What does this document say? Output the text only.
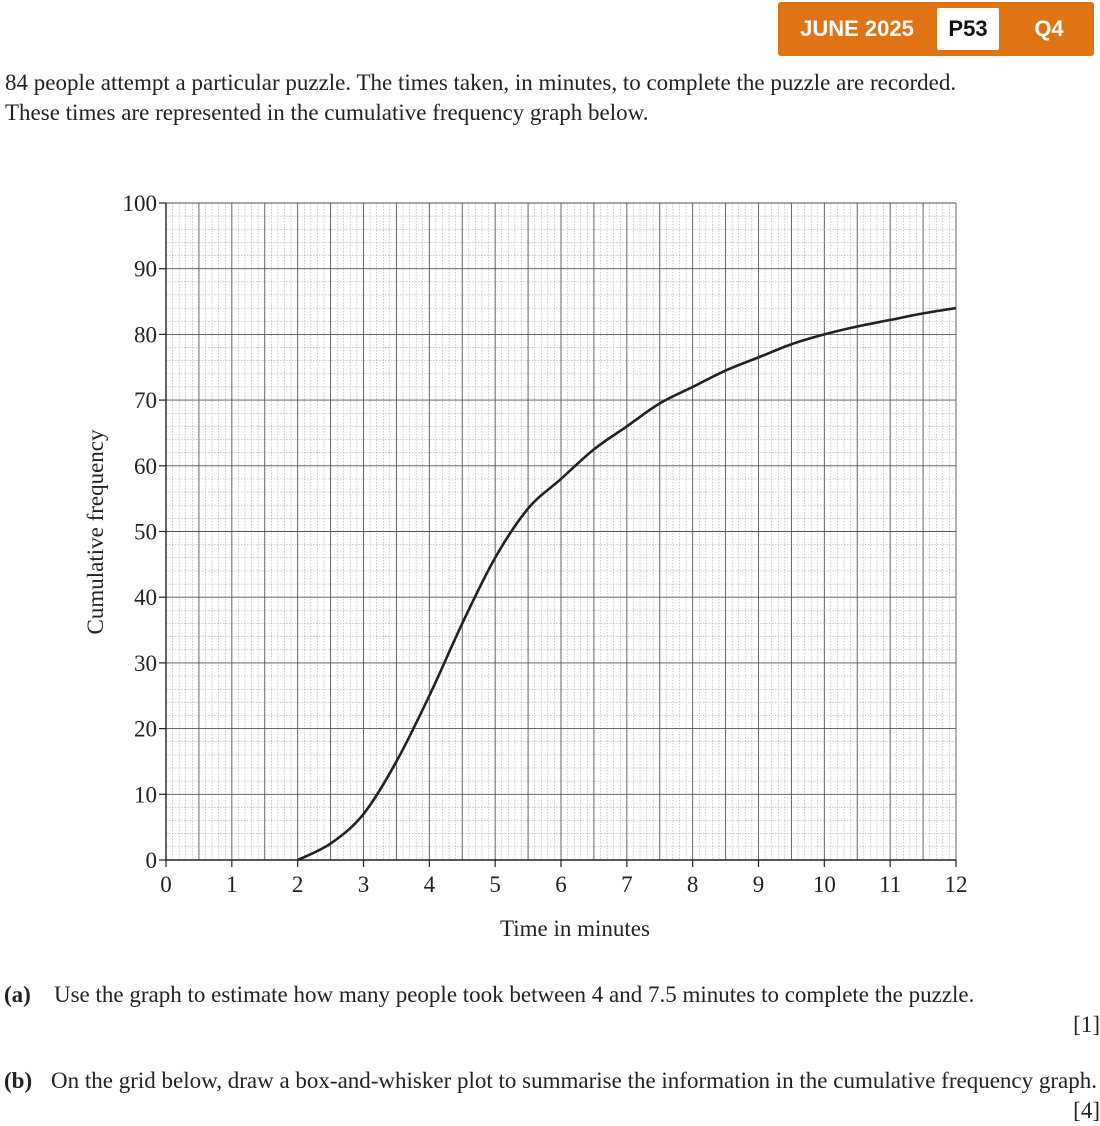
JUNE 2025	P53	Q4

84 people attempt a particular puzzle. The times taken, in minutes, to complete the puzzle are recorded.

These times are represented in the cumulative frequency graph below.

0 1 2 3 4 5 6 7 8 9 10 11 12
0
10
20
30
40
50
60
70
80
90
100
Time in minutes
Cumulative frequency
(a) Use the graph to estimate how many people took between 4 and 7.5 minutes to complete the puzzle.
[1]
(b) On the grid below, draw a box-and-whisker plot to summarise the information in the cumulative frequency graph.
[4]
